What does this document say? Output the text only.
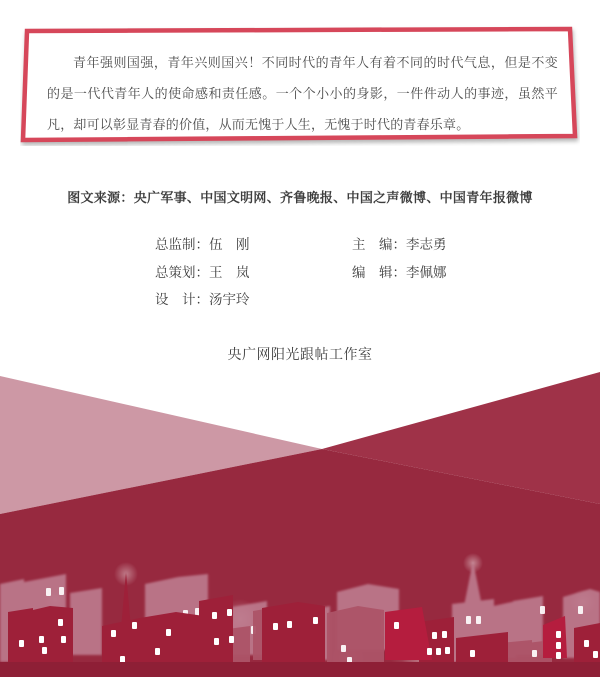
青年强则国强，青年兴则国兴！不同时代的青年人有着不同的时代气息，但是不变的是一代代青年人的使命感和责任感。一个个小小的身影，一件件动人的事迹，虽然平凡，却可以彰显青春的价值，从而无愧于人生，无愧于时代的青春乐章。
图文来源：央广军事、中国文明网、齐鲁晚报、中国之声微博、中国青年报微博
总监制：伍　刚
总策划：王　岚
设　计：汤宇玲
主　编：李志勇
编　辑：李佩娜
央广网阳光跟帖工作室
